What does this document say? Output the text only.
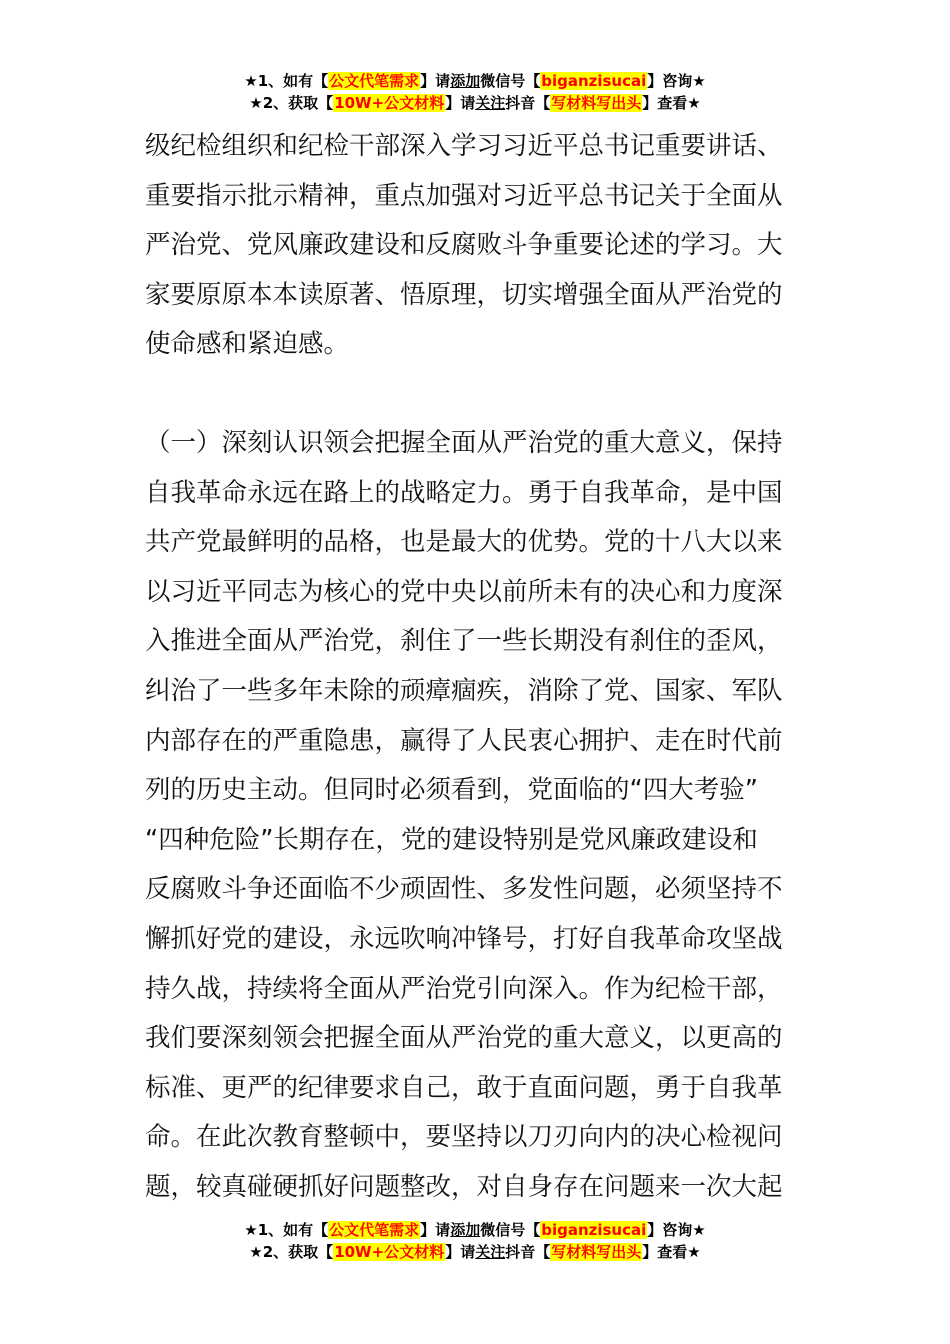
★1、如有【公文代笔需求】请添加微信号【biganzisucai】咨询★
★2、获取【10W+公文材料】请关注抖音【写材料写出头】查看★
级纪检组织和纪检干部深入学习习近平总书记重要讲话、
重要指示批示精神，重点加强对习近平总书记关于全面从
严治党、党风廉政建设和反腐败斗争重要论述的学习。大
家要原原本本读原著、悟原理，切实增强全面从严治党的
使命感和紧迫感。
（一）深刻认识领会把握全面从严治党的重大意义，保持
自我革命永远在路上的战略定力。勇于自我革命，是中国
共产党最鲜明的品格，也是最大的优势。党的十八大以来
以习近平同志为核心的党中央以前所未有的决心和力度深
入推进全面从严治党，刹住了一些长期没有刹住的歪风，
纠治了一些多年未除的顽瘴痼疾，消除了党、国家、军队
内部存在的严重隐患，赢得了人民衷心拥护、走在时代前
列的历史主动。但同时必须看到，党面临的“四大考验”
“四种危险”长期存在，党的建设特别是党风廉政建设和
反腐败斗争还面临不少顽固性、多发性问题，必须坚持不
懈抓好党的建设，永远吹响冲锋号，打好自我革命攻坚战
持久战，持续将全面从严治党引向深入。作为纪检干部，
我们要深刻领会把握全面从严治党的重大意义，以更高的
标准、更严的纪律要求自己，敢于直面问题，勇于自我革
命。在此次教育整顿中，要坚持以刀刃向内的决心检视问
题，较真碰硬抓好问题整改，对自身存在问题来一次大起
★1、如有【公文代笔需求】请添加微信号【biganzisucai】咨询★
★2、获取【10W+公文材料】请关注抖音【写材料写出头】查看★
